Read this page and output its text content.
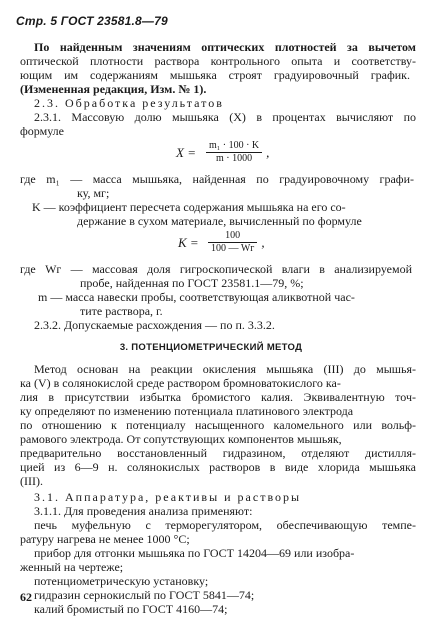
Стр. 5 ГОСТ 23581.8—79
По найденным значениям оптических плотностей за вычетом
оптической плотности раствора контрольного опыта и соответству-
ющим им содержаниям мышьяка строят градуировочный график.
(Измененная редакция, Изм. № 1).
2.3. Обработка результатов
2.3.1. Массовую долю мышьяка (X) в процентах вычисляют по
формуле
где m₁ — масса мышьяка, найденная по градуировочному графи-
ку, мг;
K — коэффициент пересчета содержания мышьяка на его со-
держание в сухом материале, вычисленный по формуле
где Wг — массовая доля гигроскопической влаги в анализируемой
пробе, найденная по ГОСТ 23581.1—79, %;
m — масса навески пробы, соответствующая аликвотной час-
тите раствора, г.
2.3.2. Допускаемые расхождения — по п. 3.3.2.
Метод основан на реакции окисления мышьяка (III) до мышья-
ка (V) в солянокислой среде раствором бромноватокислого ка-
лия в присутствии избытка бромистого калия. Эквивалентную точ-
ку определяют по изменению потенциала платинового электрода
по отношению к потенциалу насыщенного каломельного или вольф-
рамового электрода. От сопутствующих компонентов мышьяк,
предварительно восстановленный гидразином, отделяют дистилля-
цией из 6—9 н. солянокислых растворов в виде хлорида мышьяка
(III).
3.1. Аппаратура, реактивы и растворы
3.1.1. Для проведения анализа применяют:
печь муфельную с терморегулятором, обеспечивающую темпе-
ратуру нагрева не менее 1000 °С;
прибор для отгонки мышьяка по ГОСТ 14204—69 или изобра-
женный на чертеже;
потенциометрическую установку;
гидразин сернокислый по ГОСТ 5841—74;
калий бромистый по ГОСТ 4160—74;
3. ПОТЕНЦИОМЕТРИЧЕСКИЙ МЕТОД
$X = \frac{\text{m₁ · 100 · K}}{m \cdot 1000}$ ,
K =	100
100 — Wг ,
62
